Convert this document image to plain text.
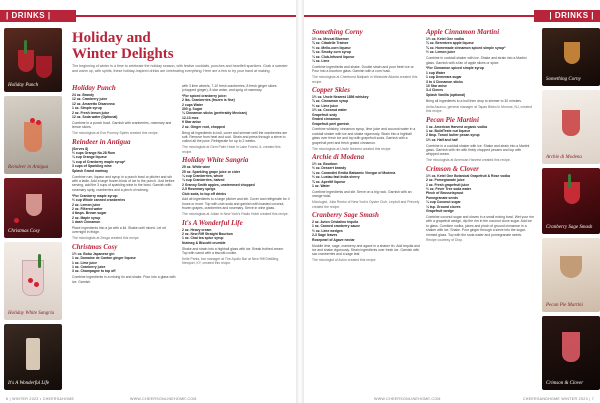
| DRINKS |
Holiday Punch
Reindeer in Antigua
Christmas Cosy
Holiday White Sangria
It's A Wonderful Life
Holiday and
Winter Delights
The beginning of winter is a time to celebrate the holiday season, with festive cocktails, punches and heartfelt sparklers. Grab a sweater and warm up, with spirits, these holiday-inspired drinks are celebrating everything. Here are a few to try your hand at making.
Holiday Punch
24 oz. Brandy
12 oz. Cranberry juice
12 oz. Amaretto Disaronno
1 oz. Simple syrup
2 oz. Fresh lemon juice
12 oz. Soda water (Optional)
Combine in a punch bowl. Garnish with cranberries, rosemary and lemon slices.
The mixologists at Eve Pommy Spirits created this recipe.
Reindeer in Antigua
(Serves 8)
½ cups Orange No.28 Rum
¼ cup Orange liqueur
¼ cup of Cranberry maple syrup*
3 cups of Sparkling wine
Splash Grand marinay
Combine rum, liqueur and syrup in a punch bowl or pitcher and stir with a ladle. Add a large frozen block of ice to the punch. Just before serving, add the 3 cups of sparkling wine to the bowl. Garnish with rosemary sprig, cranberries and a pinch of nutmeg.
*For Cranberry maple syrup:
½ cup Whole canned cranberries
2 oz. Lemon juice
2 oz. Filtered water
4 tbsps. Brown sugar
2 oz. Maple syrup
1 dash Cinnamon
Place ingredients into a jar with a lid. Shake until mixed. Let sit overnight in fridge.
The mixologists at Zenga created this recipe.
Christmas Cosy
1½ oz. Bobu Japanese gin
1 oz. Domaine de Canton ginger liqueur
1 oz. Lime juice
1 oz. Cranberry juice
3 oz. Champagne to top off
Combine ingredients in a mixing tin and shake. Pour into a glass with ice. Garnish.
with 3 lime wheels, 7-10 fresh cranberries, 8 fresh ginger slices (chopped ginger), 8 star anise, and sprig of rosemary.
*For spiced cranberry juice:
2 lbs. Cranberries (frozen is fine)
2 cups Water
300 g. Sugar
¼ Cinnamon sticks (preferably Mexican)
12-13 mcs
9 Star anise
2 oz. Ginger root, chopped
Bring all ingredients to boil, cover and simmer until the cranberries are soft. Remove from heat and cool. Strain and press through a sieve to collect all the juice. Refrigerate for up to 2 weeks.
The mixologists at Gem Palm Hotel in Lake Forest, IL created this recipe.
Holiday White Sangria
25 oz. White wine
25 oz. Sparkling grape juice or cider
¼ cup Cranberries, whole
¼ cup Cranberries, halved
2 Granny Smith apples, unstemmed chopped
2-5 Rosemary sprigs
Club soda, to top off drinks
Add all ingredients to a large pitcher and stir. Cover and refrigerate for 4 hours or more. Top with club soda and garnish with toasted coconut, frozen grapes, cranberries and rosemary. Serve in wine glass.
The mixologists at Julian in New York's Radio Hotel created this recipe.
It's A Wonderful Life
2 oz. Heavy cream
2 oz. New Riff Straight Bourbon
1 oz. Chai tea spice syrup
Nutmeg & Biscotti crumble
Shake and strain into a highball glass with ice. Break frothed cream. Top with carrot with a biscotti cookie.
Kelle Parks, bar manager at The Apollo Bar at New Riff Distilling, Newport, KY, created this recipe.
6 | WINTER 2023 • CHEERS&HOME	WWW.CHEERSONLINEHOME.COM
| DRINKS |
Something Corny
1½ oz. Mezcal Bluemer
¾ oz. Citadelle Trainee
½ oz. Mello-corn liqueur
¾ oz. Smoky corn syrup
¼ oz. Club-Infused liqueur
¼ oz. Lime
Combine ingredients and shake. Double strain and pour fresh ice or. Pour into a bourbon glass. Garnish with a corn husk.
The mixologists at Cheeburst Ballpark in Westside Atlanta created this recipe.
Copper Skies
1½ oz. Uncle Nearest 1856 whiskey
¾ oz. Cinnamon syrup
½ oz. Lime juice
1½ oz. Coconut water
Grapefruit sedy
Grated cinnamon
Grapefruit peel garnish
Combine whiskey, cinnamon syrup, lime juice and coconut water in a cocktail shaker with ice and shake vigorously. Strain into a highball glass over fresh ice and top with grapefruit soda. Garnish with a grapefruit peel and fresh grated cinnamon.
The mixologists at Uncle Nearest created this recipe.
Archie di Modena
1½ oz. Bourbon
½ oz. Dessert brandy
¼ oz. Corandini Emilia Balsamic Vinegar of Modena
½ oz. Lustau fast India sherry
¾ oz. Aperitif liqueur
1 oz. Water
Combine ingredients and stir. Serve on a big rock. Garnish with an orange twist.
Mixologist, Julia Renko of New York's Oyster Club, Leydolt and Princely created the recipe.
Cranberry Sage Smash
2 oz. Avion Cristalino tequila
1 oz. Canned cranberry sauce
½ oz. Lime wedges
2-3 Sage leaves
Rosepearl of Agave nectar
Muddle lime, sage, cranberry and agave in a shaker tin. Add tequila and ice and shake vigorously. Strain ingredients over fresh ice. Garnish with sac cranberries and a sage leaf.
The mixologist of Avion created this recipe.
Apple Cinnamon Martini
1½ oz. Ketel One vodka
¾ oz. Berentzen apple liqueur
¾ oz. Homemade cinnamon spiced simple syrup*
½ oz. Lemon juice
Combine in cocktail shaker with ice. Shake and strain into a Martini glass. Garnish with a fan of apple slices or spice.
*For Cinnamon spiced simple syrup
1 cup Water
1 cup Demerara sugar
3 to 4 Cinnamon sticks
10 Star anise
3-4 Cloves
Splash Vanilla (optional)
Bring all ingredients to a boil then drop to simmer to 30 minutes.
Anita Asuncu, general manager at Tapas Bistro in Monroe, NJ, created this recipe.
Pecan Pie Martini
1 oz. American Harvest organic vodka
1 oz. BuildTeste nut liqueur
2 tbsp. Toruni butter pecan syrup
1½ oz. Half and half
Combine in a cocktail shaker with ice. Shake and strain into a Martini glass. Garnish with rim with finely chopped pecans and top with whipped cream.
The mixologists at American Harvest created this recipe.
Crimson & Clover
1½ oz. Ketel One Botanical Grapefruit & Rose vodka
2 oz. Pomegranate juice
1 oz. Fresh grapefruit juice
½ oz. Fever Tree soda water
Pinch of Brusselsprout
Pomegranate seeds
¼ cup Coconut sugar
¼ tsp. Ground cloves
Grapefruit wedge
Combine coconut sugar and cloves in a small mixing bowl. Wet your rim with a grapefruit wedge, dip the rim in the coconut clove sugar. Add ice to glass. Combine vodka, juices and pinch of ground cinnamon in a shaker with ice. Shake. Pour ginger through a sieve into the sugar-rimmed glass. Top with the soda water and pomegranate seeds.
Recipe courtesy of Diop.
Something Corny
Archie di Modena
Cranberry Sage Smash
Pecan Pie Martini
Crimson & Clover
WWW.CHEERSONLINEHOME.COM	CHEERSANDHOME WINTER 2023 | 7
